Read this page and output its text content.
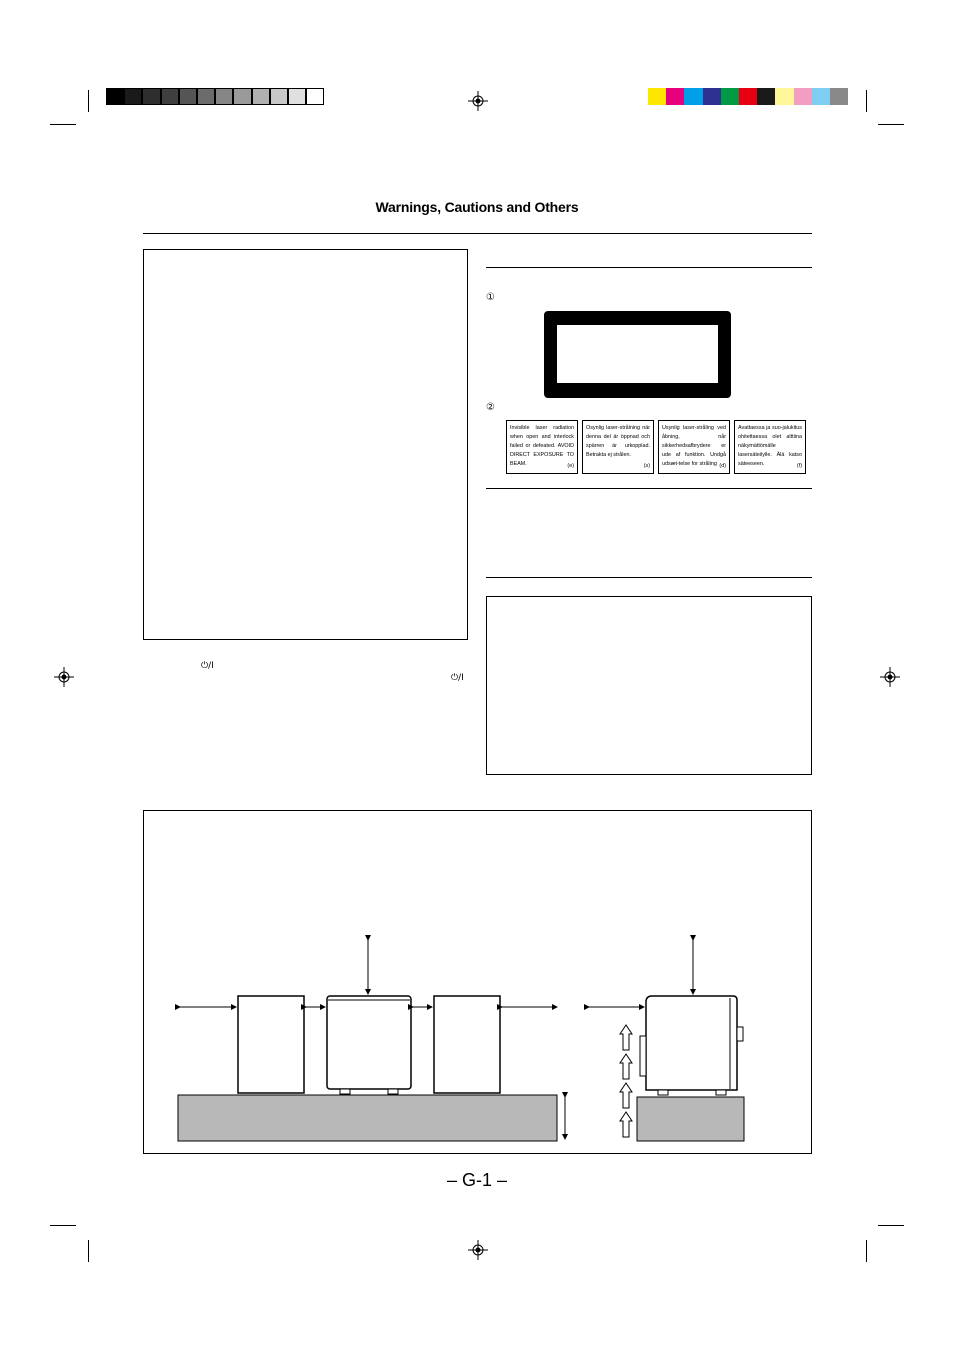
Warnings, Cautions and Others
⏻/I
⏻/I
①
②
Invisible laser radiation when open and interlock failed or defeated. AVOID DIRECT EXPOSURE TO BEAM.	(e)
Osynlig laser-strålning när denna del är öppnad och spärren är urkopplad. Betrakta ej strålen.
(s)
Usynlig laser-stråling ved åbning, når sikkerhedsafbrydere er ude af funktion. Undgå udsæt-telse for stråling (d)
Avattaessa ja suo-jalukitus ohitettaessa olet alttiina näkymättömälle lasersäteilylle. Älä katso säteeseen.	(f)
– G-1 –
